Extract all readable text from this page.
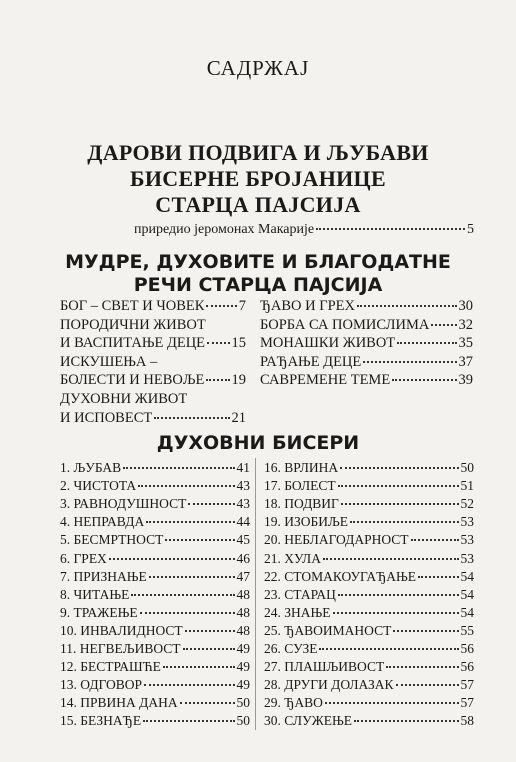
САДРЖАЈ
ДАРОВИ ПОДВИГА И ЉУБАВИ
БИСЕРНЕ БРОЈАНИЦЕ
СТАРЦА ПАЈСИЈА
приредио јеромонах Макарије	5
МУДРЕ, ДУХОВИТЕ И БЛАГОДАТНЕ
РЕЧИ СТАРЦА ПАЈСИЈА
БОГ – СВЕТ И ЧОВЕК 7
ПОРОДИЧНИ ЖИВОТ
И ВАСПИТАЊЕ ДЕЦЕ 15
ИСКУШЕЊА –
БОЛЕСТИ И НЕВОЉЕ 19
ДУХОВНИ ЖИВОТ
И ИСПОВЕСТ	21
ЂАВО И ГРЕХ	30
БОРБА СА ПОМИСЛИМА 32
МОНАШКИ ЖИВОТ	35
РАЂАЊЕ ДЕЦЕ	37
САВРЕМЕНЕ ТЕМЕ	39
ДУХОВНИ БИСЕРИ
1. ЉУБАВ	41
2. ЧИСТОТА	43
3. РАВНОДУШНОСТ	43
4. НЕПРАВДА	44
5. БЕСМРТНОСТ	45
6. ГРЕХ	46
7. ПРИЗНАЊЕ	47
8. ЧИТАЊЕ	48
9. ТРАЖЕЊЕ	48
10. ИНВАЛИДНОСТ	48
11. НЕГВЕЉИВОСТ	49
12. БЕСТРАШЋЕ	49
13. ОДГОВОР	49
14. ПРВИНА ДАНА	50
15. БЕЗНАЂЕ	50
16. ВРЛИНА	50
17. БОЛЕСТ	51
18. ПОДВИГ	52
19. ИЗОБИЉЕ	53
20. НЕБЛАГОДАРНОСТ	53
21. ХУЛА	53
22. СТОМАКОУГАЂАЊЕ	54
23. СТАРАЦ	54
24. ЗНАЊЕ	54
25. ЂАВОИМАНОСТ	55
26. СУЗЕ	56
27. ПЛАШЉИВОСТ	56
28. ДРУГИ ДОЛАЗАК	57
29. ЂАВО	57
30. СЛУЖЕЊЕ	58
